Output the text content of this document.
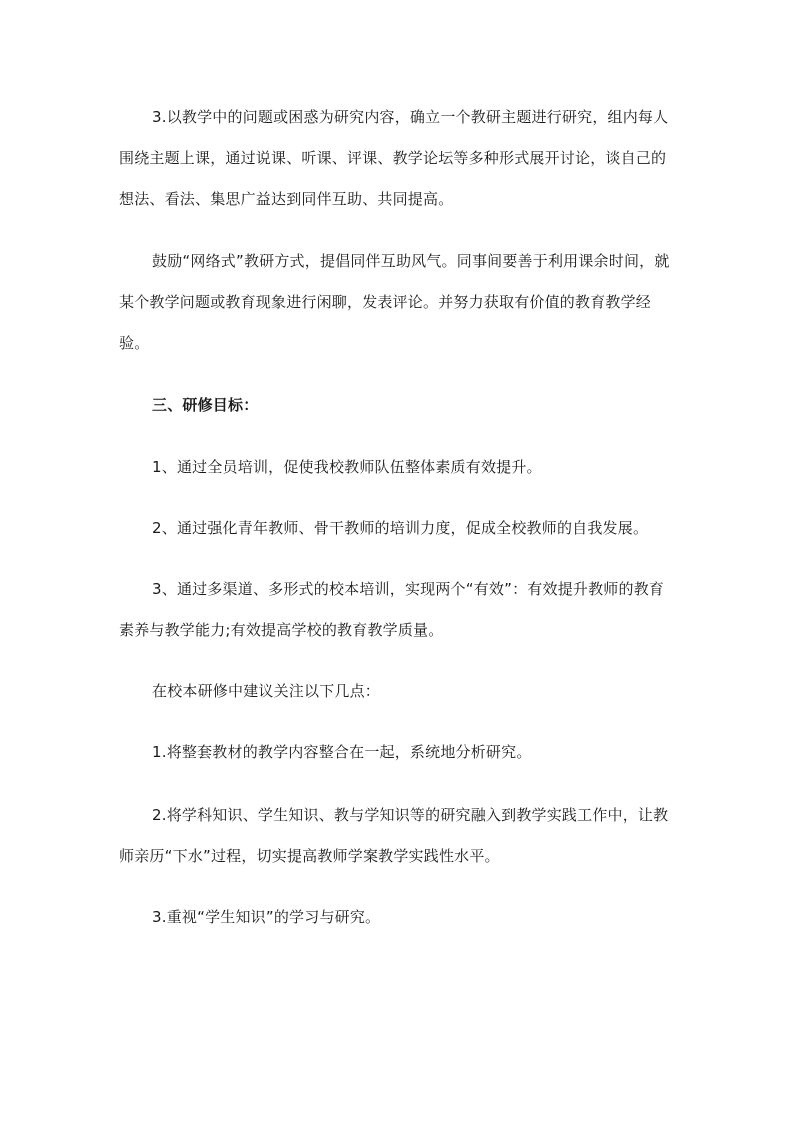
3.以教学中的问题或困惑为研究内容，确立一个教研主题进行研究，组内每人围绕主题上课，通过说课、听课、评课、教学论坛等多种形式展开讨论，谈自己的想法、看法、集思广益达到同伴互助、共同提高。

鼓励“网络式”教研方式，提倡同伴互助风气。同事间要善于利用课余时间，就某个教学问题或教育现象进行闲聊，发表评论。并努力获取有价值的教育教学经验。

三、研修目标：

1、通过全员培训，促使我校教师队伍整体素质有效提升。

2、通过强化青年教师、骨干教师的培训力度，促成全校教师的自我发展。

3、通过多渠道、多形式的校本培训，实现两个“有效”：有效提升教师的教育素养与教学能力;有效提高学校的教育教学质量。

在校本研修中建议关注以下几点：

1.将整套教材的教学内容整合在一起，系统地分析研究。

2.将学科知识、学生知识、教与学知识等的研究融入到教学实践工作中，让教师亲历“下水”过程，切实提高教师学案教学实践性水平。

3.重视“学生知识”的学习与研究。
